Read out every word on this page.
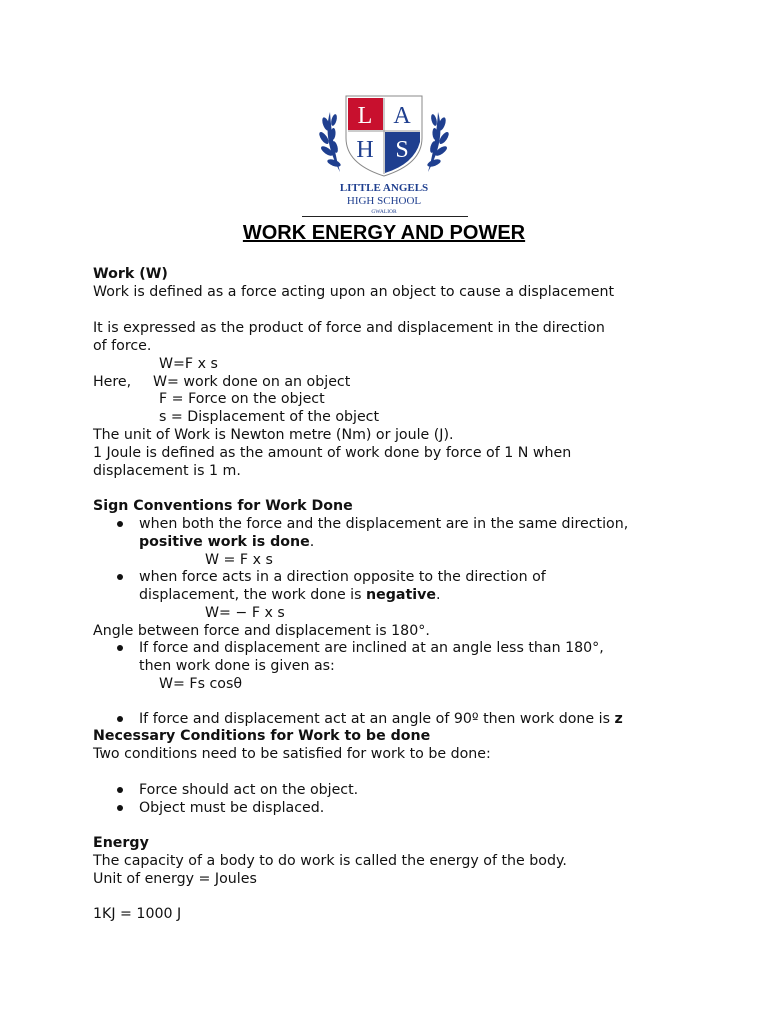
L A
H S
LITTLE ANGELS
HIGH SCHOOL
GWALIOR
WORK ENERGY AND POWER
Work (W)
Work is defined as a force acting upon an object to cause a displacement
It is expressed as the product of force and displacement in the direction
of force.
W=F x s
Here, W= work done on an object
F = Force on the object
s = Displacement of the object
The unit of Work is Newton metre (Nm) or joule (J).
1 Joule is defined as the amount of work done by force of 1 N when
displacement is 1 m.
Sign Conventions for Work Done
when both the force and the displacement are in the same direction,
positive work is done.
W = F x s
when force acts in a direction opposite to the direction of
displacement, the work done is negative.
W= − F x s
Angle between force and displacement is 180°.
If force and displacement are inclined at an angle less than 180°,
then work done is given as:
W= Fs cosθ
If force and displacement act at an angle of 90º then work done is z
Necessary Conditions for Work to be done
Two conditions need to be satisfied for work to be done:
Force should act on the object.
Object must be displaced.
Energy
The capacity of a body to do work is called the energy of the body.
Unit of energy = Joules
1KJ = 1000 J
